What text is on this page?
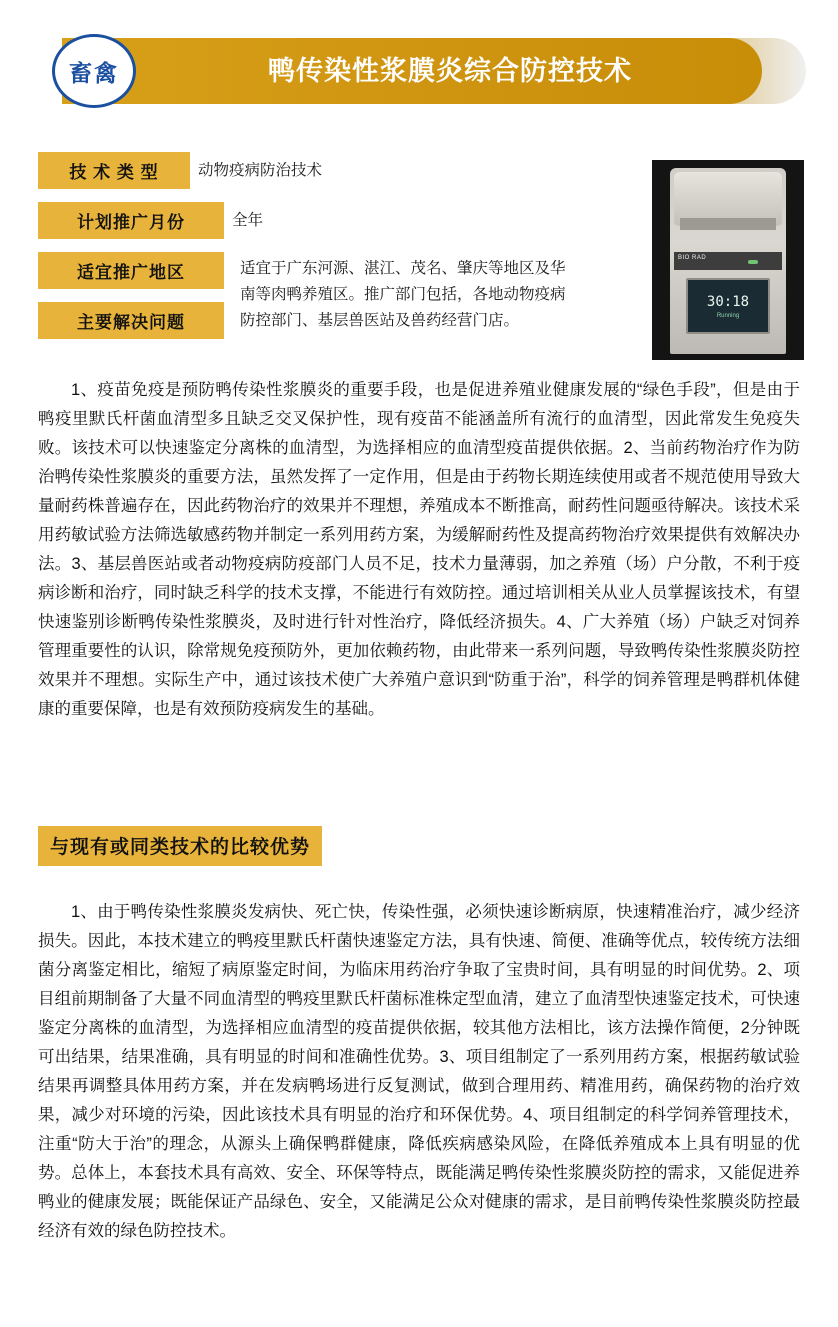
鸭传染性浆膜炎综合防控技术
畜禽
技 术 类 型	动物疫病防治技术
计划推广月份	全年
适宜推广地区	适宜于广东河源、湛江、茂名、肇庆等地区及华南等肉鸭养殖区。推广部门包括，各地动物疫病防控部门、基层兽医站及兽药经营门店。
主要解决问题
BIO RAD
30:18
Running
1、疫苗免疫是预防鸭传染性浆膜炎的重要手段，也是促进养殖业健康发展的“绿色手段”，但是由于鸭疫里默氏杆菌血清型多且缺乏交叉保护性，现有疫苗不能涵盖所有流行的血清型，因此常发生免疫失败。该技术可以快速鉴定分离株的血清型，为选择相应的血清型疫苗提供依据。2、当前药物治疗作为防治鸭传染性浆膜炎的重要方法，虽然发挥了一定作用，但是由于药物长期连续使用或者不规范使用导致大量耐药株普遍存在，因此药物治疗的效果并不理想，养殖成本不断推高，耐药性问题亟待解决。该技术采用药敏试验方法筛选敏感药物并制定一系列用药方案，为缓解耐药性及提高药物治疗效果提供有效解决办法。3、基层兽医站或者动物疫病防疫部门人员不足，技术力量薄弱，加之养殖（场）户分散，不利于疫病诊断和治疗，同时缺乏科学的技术支撑，不能进行有效防控。通过培训相关从业人员掌握该技术，有望快速鉴别诊断鸭传染性浆膜炎，及时进行针对性治疗，降低经济损失。4、广大养殖（场）户缺乏对饲养管理重要性的认识，除常规免疫预防外，更加依赖药物，由此带来一系列问题，导致鸭传染性浆膜炎防控效果并不理想。实际生产中，通过该技术使广大养殖户意识到“防重于治”，科学的饲养管理是鸭群机体健康的重要保障，也是有效预防疫病发生的基础。
与现有或同类技术的比较优势
1、由于鸭传染性浆膜炎发病快、死亡快，传染性强，必须快速诊断病原，快速精准治疗，减少经济损失。因此，本技术建立的鸭疫里默氏杆菌快速鉴定方法，具有快速、简便、准确等优点，较传统方法细菌分离鉴定相比，缩短了病原鉴定时间，为临床用药治疗争取了宝贵时间，具有明显的时间优势。2、项目组前期制备了大量不同血清型的鸭疫里默氏杆菌标准株定型血清，建立了血清型快速鉴定技术，可快速鉴定分离株的血清型，为选择相应血清型的疫苗提供依据，较其他方法相比，该方法操作简便，2分钟既可出结果，结果准确，具有明显的时间和准确性优势。3、项目组制定了一系列用药方案，根据药敏试验结果再调整具体用药方案，并在发病鸭场进行反复测试，做到合理用药、精准用药，确保药物的治疗效果，减少对环境的污染，因此该技术具有明显的治疗和环保优势。4、项目组制定的科学饲养管理技术，注重“防大于治”的理念，从源头上确保鸭群健康，降低疾病感染风险，在降低养殖成本上具有明显的优势。总体上，本套技术具有高效、安全、环保等特点，既能满足鸭传染性浆膜炎防控的需求，又能促进养鸭业的健康发展；既能保证产品绿色、安全，又能满足公众对健康的需求，是目前鸭传染性浆膜炎防控最经济有效的绿色防控技术。
